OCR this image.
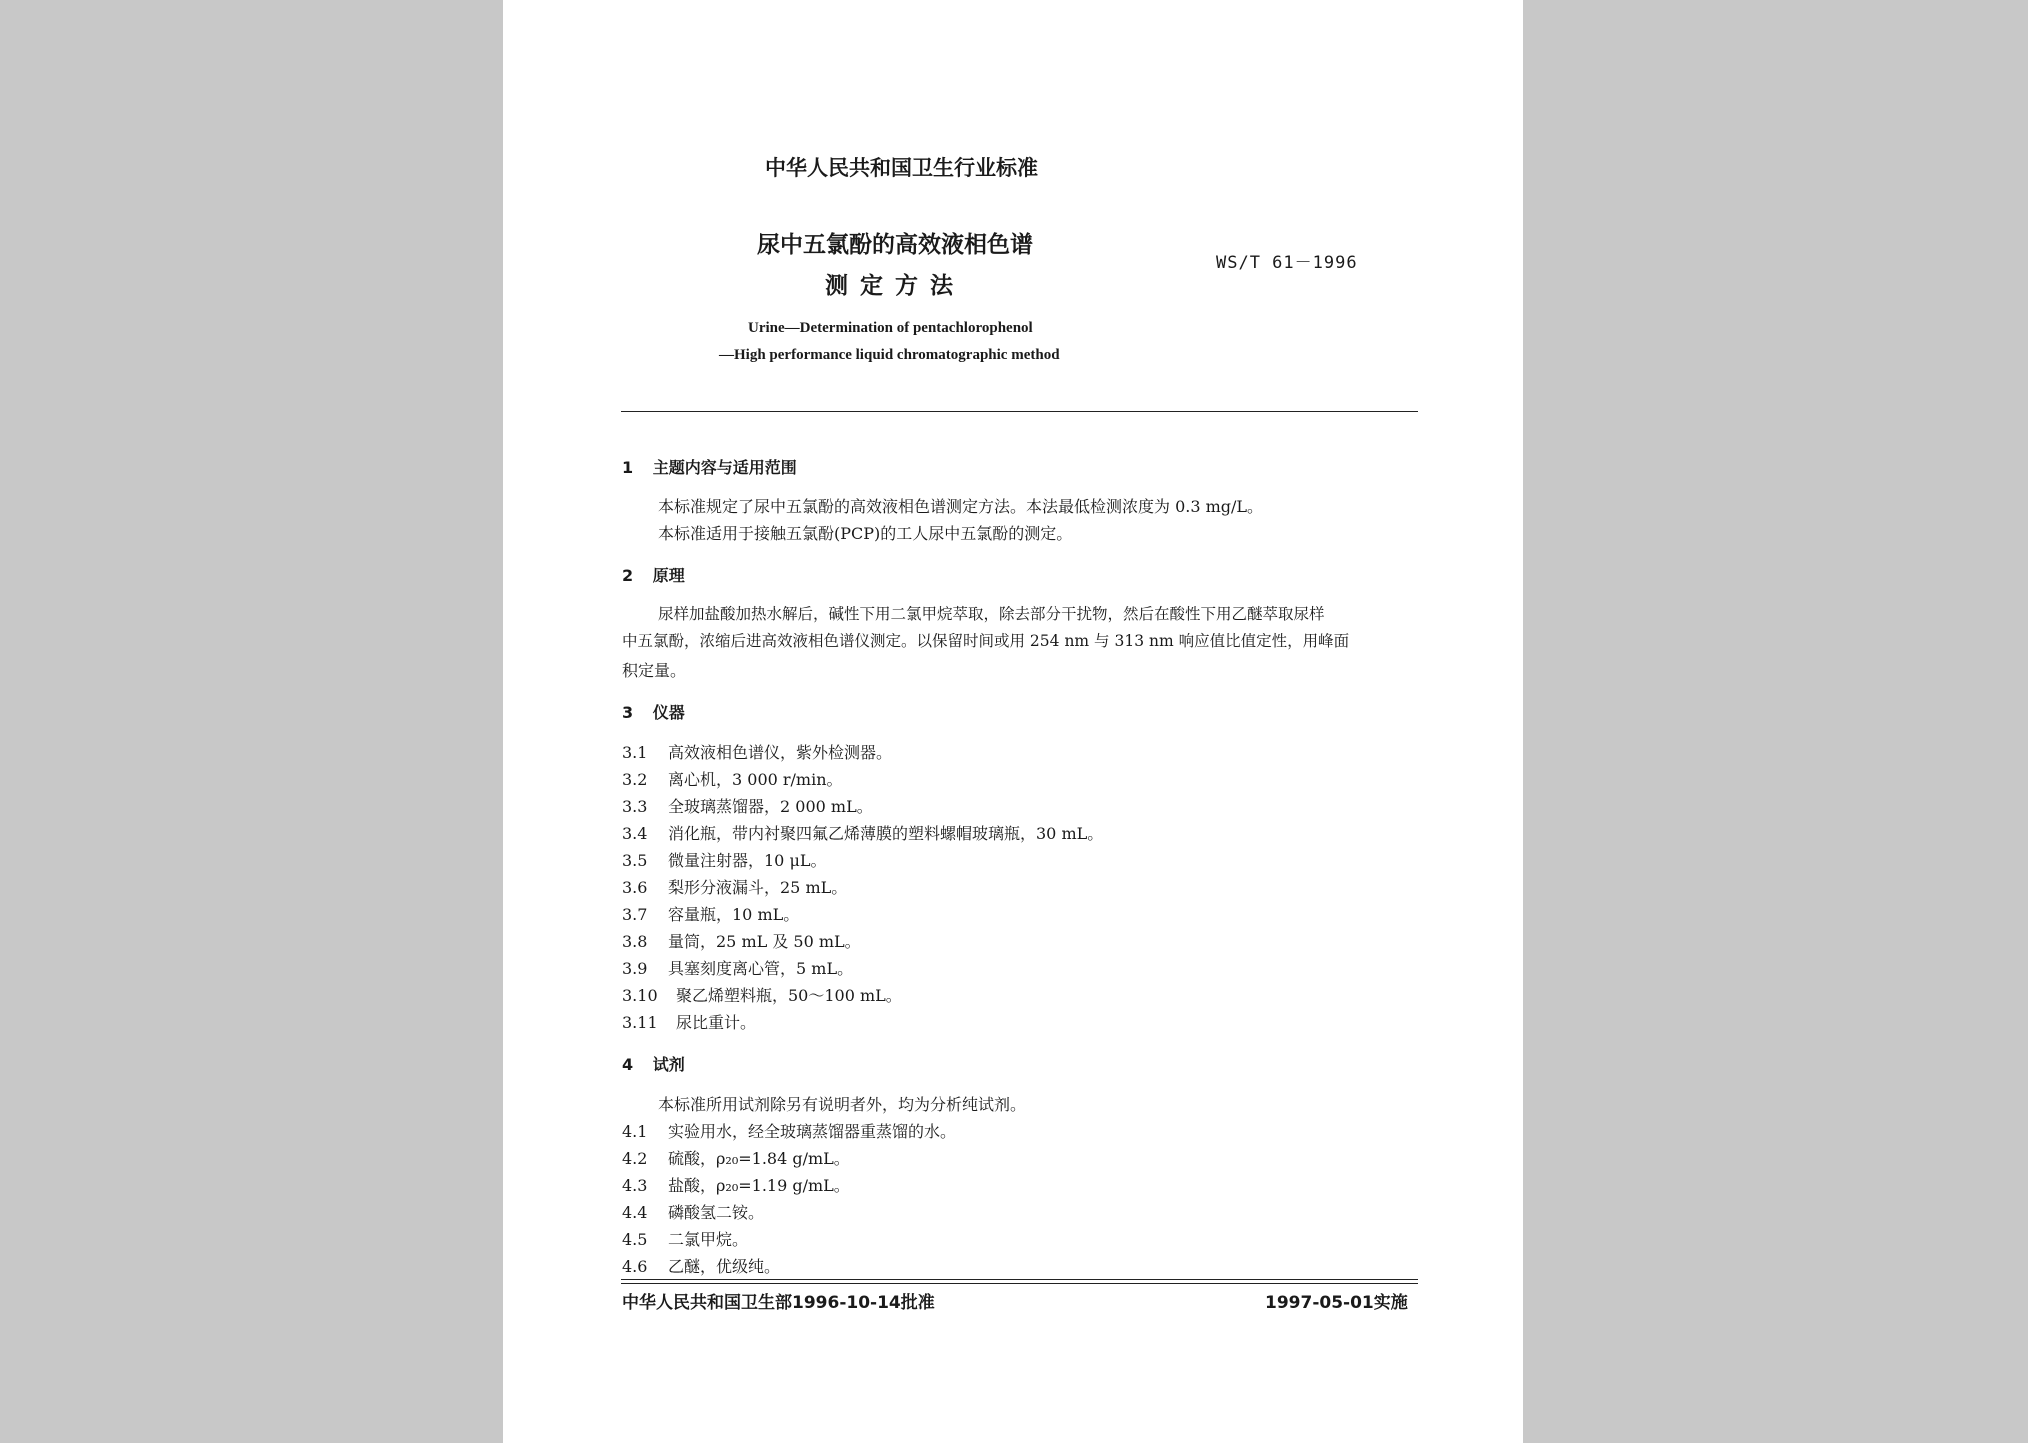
中华人民共和国卫生行业标准
尿中五氯酚的高效液相色谱
测 定 方 法
WS/T 61－1996
Urine—Determination of pentachlorophenol
—High performance liquid chromatographic method
1 主题内容与适用范围
本标准规定了尿中五氯酚的高效液相色谱测定方法。本法最低检测浓度为 0.3 mg/L。
本标准适用于接触五氯酚(PCP)的工人尿中五氯酚的测定。
2 原理
尿样加盐酸加热水解后，碱性下用二氯甲烷萃取，除去部分干扰物，然后在酸性下用乙醚萃取尿样
中五氯酚，浓缩后进高效液相色谱仪测定。以保留时间或用 254 nm 与 313 nm 响应值比值定性，用峰面
积定量。
3 仪器
3.1 高效液相色谱仪，紫外检测器。
3.2 离心机，3 000 r/min。
3.3 全玻璃蒸馏器，2 000 mL。
3.4 消化瓶，带内衬聚四氟乙烯薄膜的塑料螺帽玻璃瓶，30 mL。
3.5 微量注射器，10 μL。
3.6 梨形分液漏斗，25 mL。
3.7 容量瓶，10 mL。
3.8 量筒，25 mL 及 50 mL。
3.9 具塞刻度离心管，5 mL。
3.10 聚乙烯塑料瓶，50～100 mL。
3.11 尿比重计。
4 试剂
本标准所用试剂除另有说明者外，均为分析纯试剂。
4.1 实验用水，经全玻璃蒸馏器重蒸馏的水。
4.2 硫酸，ρ₂₀=1.84 g/mL。
4.3 盐酸，ρ₂₀=1.19 g/mL。
4.4 磷酸氢二铵。
4.5 二氯甲烷。
4.6 乙醚，优级纯。
中华人民共和国卫生部1996-10-14批准	1997-05-01实施
